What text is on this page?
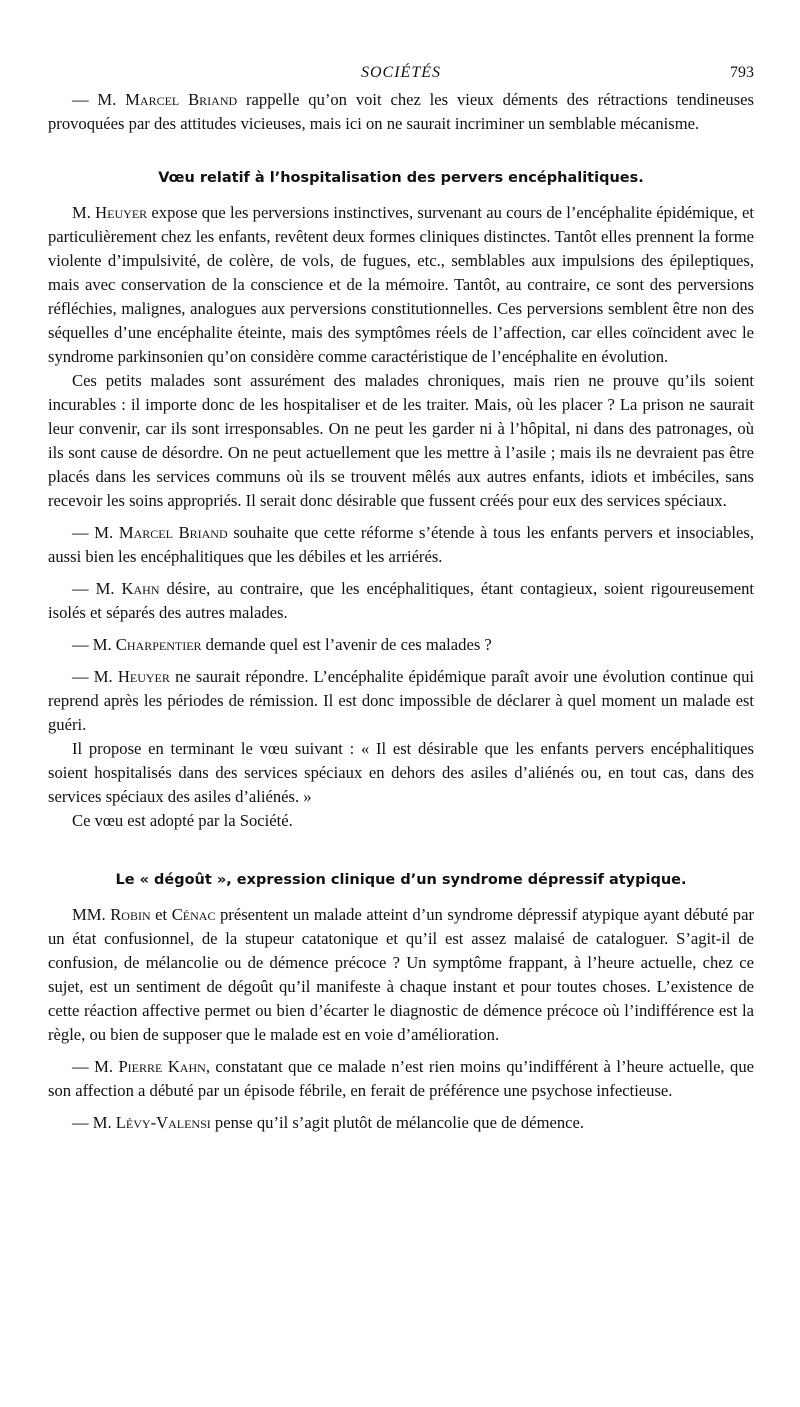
SOCIÉTÉS	793

— M. Marcel Briand rappelle qu’on voit chez les vieux déments des rétractions tendineuses provoquées par des attitudes vicieuses, mais ici on ne saurait incriminer un semblable mécanisme.

Vœu relatif à l’hospitalisation des pervers encéphalitiques.

M. Heuyer expose que les perversions instinctives, survenant au cours de l’encéphalite épidémique, et particulièrement chez les enfants, revêtent deux formes cliniques distinctes. Tantôt elles prennent la forme violente d’impulsivité, de colère, de vols, de fugues, etc., semblables aux impulsions des épileptiques, mais avec conservation de la conscience et de la mémoire. Tantôt, au contraire, ce sont des perversions réfléchies, malignes, analogues aux perversions constitutionnelles. Ces perversions semblent être non des séquelles d’une encéphalite éteinte, mais des symptômes réels de l’affection, car elles coïncident avec le syndrome parkinsonien qu’on considère comme caractéristique de l’encéphalite en évolution.

Ces petits malades sont assurément des malades chroniques, mais rien ne prouve qu’ils soient incurables : il importe donc de les hospitaliser et de les traiter. Mais, où les placer ? La prison ne saurait leur convenir, car ils sont irresponsables. On ne peut les garder ni à l’hôpital, ni dans des patronages, où ils sont cause de désordre. On ne peut actuellement que les mettre à l’asile ; mais ils ne devraient pas être placés dans les services communs où ils se trouvent mêlés aux autres enfants, idiots et imbéciles, sans recevoir les soins appropriés. Il serait donc désirable que fussent créés pour eux des services spéciaux.

— M. Marcel Briand souhaite que cette réforme s’étende à tous les enfants pervers et insociables, aussi bien les encéphalitiques que les débiles et les arriérés.

— M. Kahn désire, au contraire, que les encéphalitiques, étant contagieux, soient rigoureusement isolés et séparés des autres malades.

— M. Charpentier demande quel est l’avenir de ces malades ?

— M. Heuyer ne saurait répondre. L’encéphalite épidémique paraît avoir une évolution continue qui reprend après les périodes de rémission. Il est donc impossible de déclarer à quel moment un malade est guéri.

Il propose en terminant le vœu suivant : « Il est désirable que les enfants pervers encéphalitiques soient hospitalisés dans des services spéciaux en dehors des asiles d’aliénés ou, en tout cas, dans des services spéciaux des asiles d’aliénés. »

Ce vœu est adopté par la Société.

Le « dégoût », expression clinique d’un syndrome dépressif atypique.

MM. Robin et Cénac présentent un malade atteint d’un syndrome dépressif atypique ayant débuté par un état confusionnel, de la stupeur catatonique et qu’il est assez malaisé de cataloguer. S’agit-il de confusion, de mélancolie ou de démence précoce ? Un symptôme frappant, à l’heure actuelle, chez ce sujet, est un sentiment de dégoût qu’il manifeste à chaque instant et pour toutes choses. L’existence de cette réaction affective permet ou bien d’écarter le diagnostic de démence précoce où l’indifférence est la règle, ou bien de supposer que le malade est en voie d’amélioration.

— M. Pierre Kahn, constatant que ce malade n’est rien moins qu’indifférent à l’heure actuelle, que son affection a débuté par un épisode fébrile, en ferait de préférence une psychose infectieuse.

— M. Lévy-Valensi pense qu’il s’agit plutôt de mélancolie que de démence.
